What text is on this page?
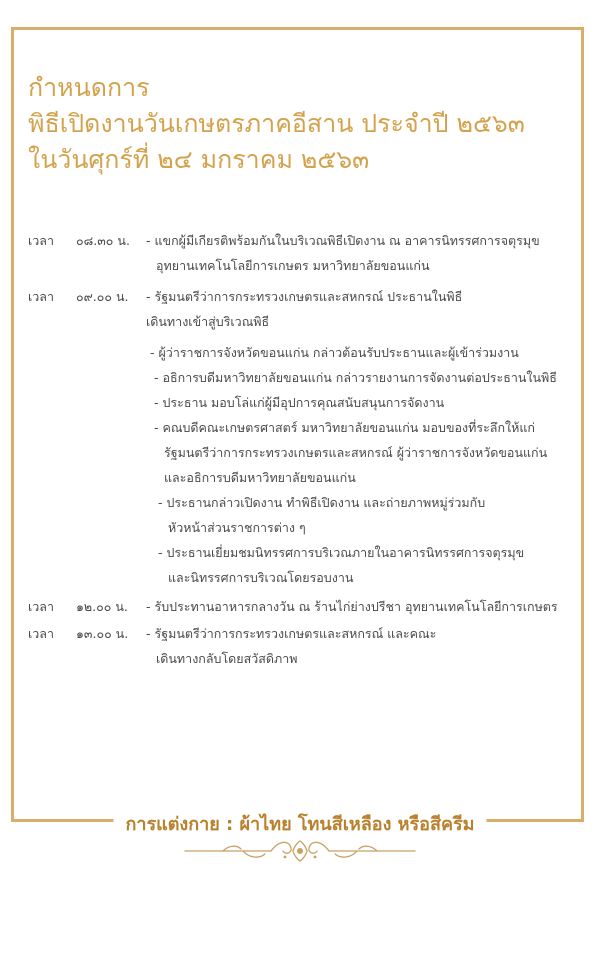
กำหนดการ
พิธีเปิดงานวันเกษตรภาคอีสาน ประจำปี ๒๕๖๓
ในวันศุกร์ที่ ๒๔ มกราคม ๒๕๖๓
เวลา	๐๘.๓๐ น.	- แขกผู้มีเกียรติพร้อมกันในบริเวณพิธีเปิดงาน ณ อาคารนิทรรศการจตุรมุข
อุทยานเทคโนโลยีการเกษตร มหาวิทยาลัยขอนแก่น
เวลา	๐๙.๐๐ น.	- รัฐมนตรีว่าการกระทรวงเกษตรและสหกรณ์ ประธานในพิธี
เดินทางเข้าสู่บริเวณพิธี
- ผู้ว่าราชการจังหวัดขอนแก่น กล่าวต้อนรับประธานและผู้เข้าร่วมงาน
- อธิการบดีมหาวิทยาลัยขอนแก่น กล่าวรายงานการจัดงานต่อประธานในพิธี
- ประธาน มอบโล่แก่ผู้มีอุปการคุณสนับสนุนการจัดงาน
- คณบดีคณะเกษตรศาสตร์ มหาวิทยาลัยขอนแก่น มอบของที่ระลึกให้แก่
รัฐมนตรีว่าการกระทรวงเกษตรและสหกรณ์ ผู้ว่าราชการจังหวัดขอนแก่น
และอธิการบดีมหาวิทยาลัยขอนแก่น
- ประธานกล่าวเปิดงาน ทำพิธีเปิดงาน และถ่ายภาพหมู่ร่วมกับ
หัวหน้าส่วนราชการต่าง ๆ
- ประธานเยี่ยมชมนิทรรศการบริเวณภายในอาคารนิทรรศการจตุรมุข
และนิทรรศการบริเวณโดยรอบงาน
เวลา	๑๒.๐๐ น.	- รับประทานอาหารกลางวัน ณ ร้านไก่ย่างปรีชา อุทยานเทคโนโลยีการเกษตร
เวลา	๑๓.๐๐ น.	- รัฐมนตรีว่าการกระทรวงเกษตรและสหกรณ์ และคณะ
เดินทางกลับโดยสวัสดิภาพ
การแต่งกาย : ผ้าไทย โทนสีเหลือง หรือสีครีม
